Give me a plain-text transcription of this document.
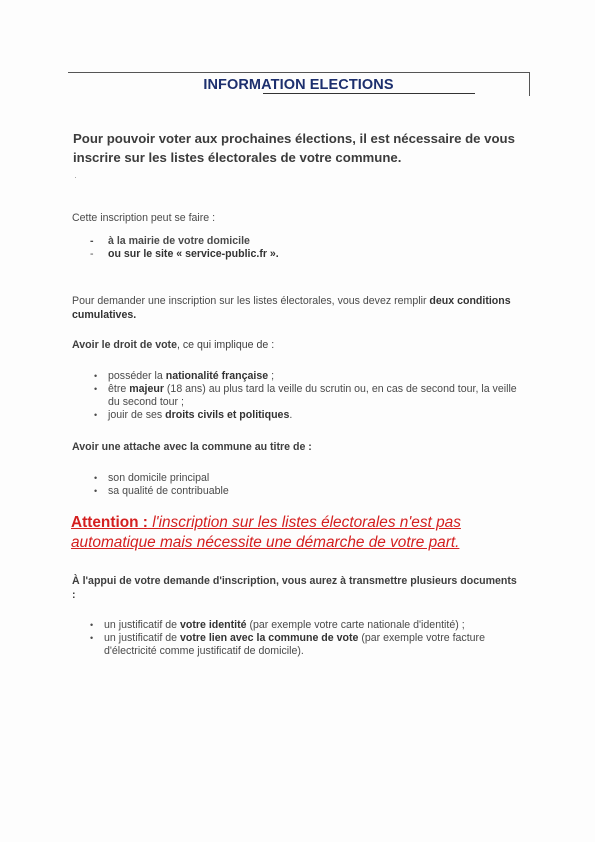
INFORMATION ELECTIONS
Pour pouvoir voter aux prochaines élections, il est nécessaire de vous inscrire sur les listes électorales de votre commune.
·
Cette inscription peut se faire :
- à la mairie de votre domicile
- ou sur le site « service-public.fr ».
Pour demander une inscription sur les listes électorales, vous devez remplir deux conditions cumulatives.
Avoir le droit de vote, ce qui implique de :
• posséder la nationalité française ;
• être majeur (18 ans) au plus tard la veille du scrutin ou, en cas de second tour, la veille du second tour ;
• jouir de ses droits civils et politiques.
Avoir une attache avec la commune au titre de :
• son domicile principal
• sa qualité de contribuable
Attention : l'inscription sur les listes électorales n'est pas automatique mais nécessite une démarche de votre part.
À l'appui de votre demande d'inscription, vous aurez à transmettre plusieurs documents :
• un justificatif de votre identité (par exemple votre carte nationale d'identité) ;
• un justificatif de votre lien avec la commune de vote (par exemple votre facture d'électricité comme justificatif de domicile).
